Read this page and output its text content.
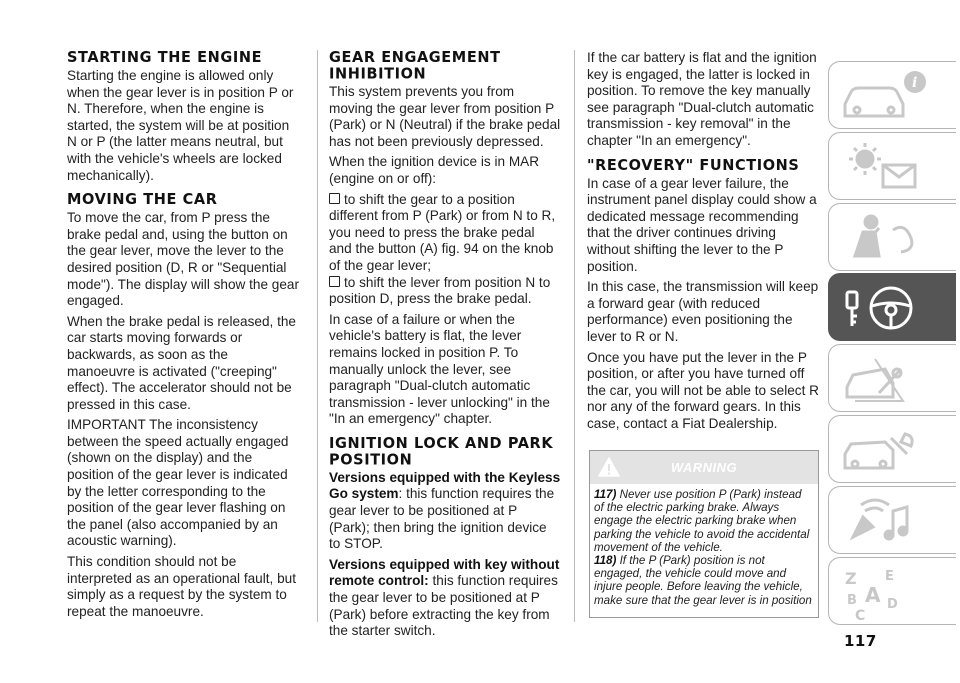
STARTING THE ENGINE

Starting the engine is allowed only when the gear lever is in position P or N. Therefore, when the engine is started, the system will be at position N or P (the latter means neutral, but with the vehicle's wheels are locked mechanically).

MOVING THE CAR

To move the car, from P press the brake pedal and, using the button on the gear lever, move the lever to the desired position (D, R or "Sequential mode"). The display will show the gear engaged.

When the brake pedal is released, the car starts moving forwards or backwards, as soon as the manoeuvre is activated ("creeping" effect). The accelerator should not be pressed in this case.

IMPORTANT The inconsistency between the speed actually engaged (shown on the display) and the position of the gear lever is indicated by the letter corresponding to the position of the gear lever flashing on the panel (also accompanied by an acoustic warning).

This condition should not be interpreted as an operational fault, but simply as a request by the system to repeat the manoeuvre.

GEAR ENGAGEMENT INHIBITION

This system prevents you from moving the gear lever from position P (Park) or N (Neutral) if the brake pedal has not been previously depressed.

When the ignition device is in MAR (engine on or off):

to shift the gear to a position different from P (Park) or from N to R, you need to press the brake pedal and the button (A) fig. 94 on the knob of the gear lever;

to shift the lever from position N to position D, press the brake pedal.

In case of a failure or when the vehicle's battery is flat, the lever remains locked in position P. To manually unlock the lever, see paragraph "Dual-clutch automatic transmission - lever unlocking" in the "In an emergency" chapter.

IGNITION LOCK AND PARK POSITION

Versions equipped with the Keyless Go system: this function requires the gear lever to be positioned at P (Park); then bring the ignition device to STOP.

Versions equipped with key without remote control: this function requires the gear lever to be positioned at P (Park) before extracting the key from the starter switch.

If the car battery is flat and the ignition key is engaged, the latter is locked in position. To remove the key manually see paragraph "Dual-clutch automatic transmission - key removal" in the chapter "In an emergency".

"RECOVERY" FUNCTIONS

In case of a gear lever failure, the instrument panel display could show a dedicated message recommending that the driver continues driving without shifting the lever to the P position.

In this case, the transmission will keep a forward gear (with reduced performance) even positioning the lever to R or N.

Once you have put the lever in the P position, or after you have turned off the car, you will not be able to select R nor any of the forward gears. In this case, contact a Fiat Dealership.

WARNING

117) Never use position P (Park) instead of the electric parking brake. Always engage the electric parking brake when parking the vehicle to avoid the accidental movement of the vehicle.

118) If the P (Park) position is not engaged, the vehicle could move and injure people. Before leaving the vehicle, make sure that the gear lever is in position

i
Z E
B A
C
D
117
